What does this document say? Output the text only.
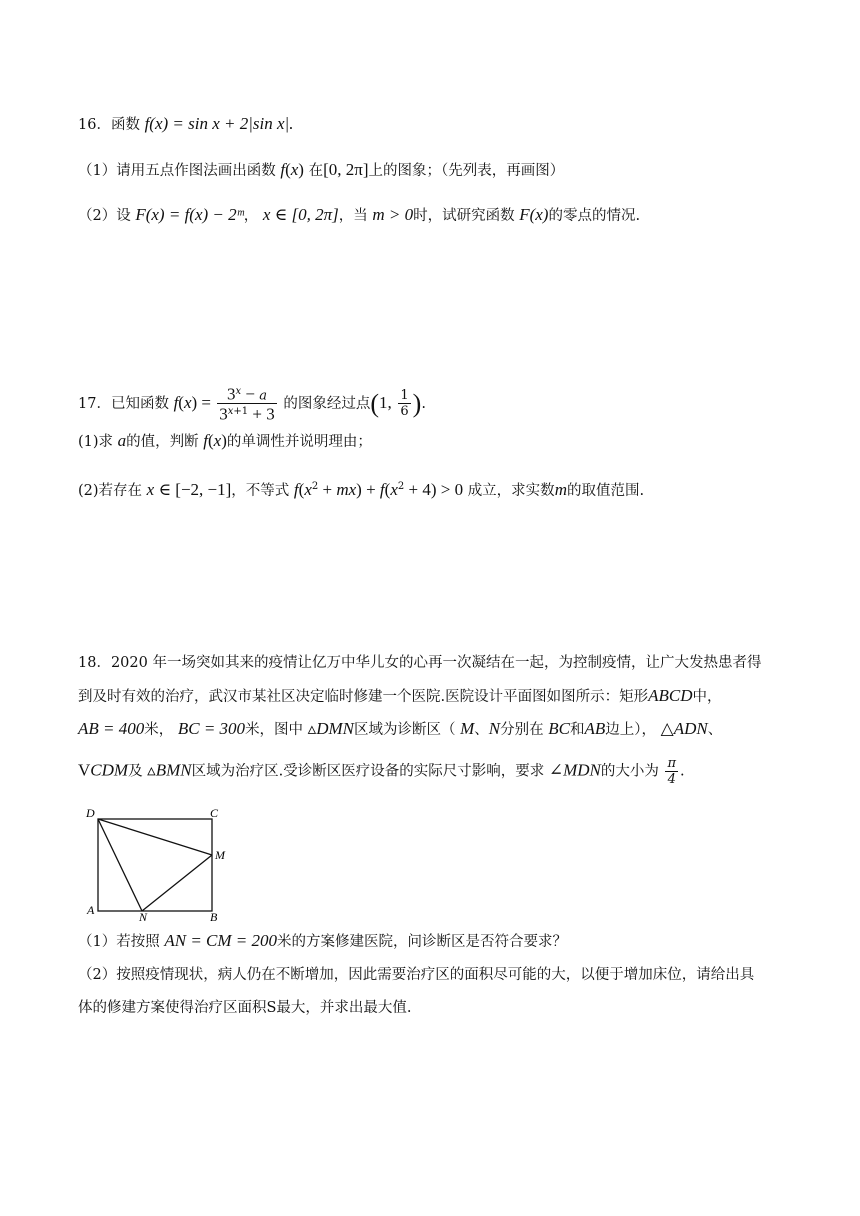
16．函数 f(x) = sin x + 2|sin x|.
（1）请用五点作图法画出函数 f(x) 在[0, 2π]上的图象；（先列表，再画图）
（2）设 F(x) = f(x) − 2ᵐ， x ∈ [0, 2π]，当 m > 0时，试研究函数 F(x)的零点的情况.
17．已知函数 $f(x) = \frac{3^x - a}{3^{x+1} + 3}$ 的图象经过点(1, $\frac{1}{6}$ ).
(1)求 a的值，判断 f(x)的单调性并说明理由；
(2)若存在 x ∈ [−2, −1]，不等式 $f(x^2 + mx) + f(x^2 + 4) > 0$ 成立，求实数m的取值范围.
18．2020 年一场突如其来的疫情让亿万中华儿女的心再一次凝结在一起，为控制疫情，让广大发热患者得
到及时有效的治疗，武汉市某社区决定临时修建一个医院.医院设计平面图如图所示：矩形ABCD中，
AB = 400米， BC = 300米，图中 ▵DMN区域为诊断区（ M、N分别在 BC和AB边上）， △ADN、
VCDM及 ▵BMN区域为治疗区.受诊断区医疗设备的实际尺寸影响，要求 ∠MDN的大小为 $\frac{\pi}{4}$ .
D	C
M
A	N	B
（1）若按照 AN = CM = 200米的方案修建医院，问诊断区是否符合要求？
（2）按照疫情现状，病人仍在不断增加，因此需要治疗区的面积尽可能的大，以便于增加床位，请给出具
体的修建方案使得治疗区面积S最大，并求出最大值.
